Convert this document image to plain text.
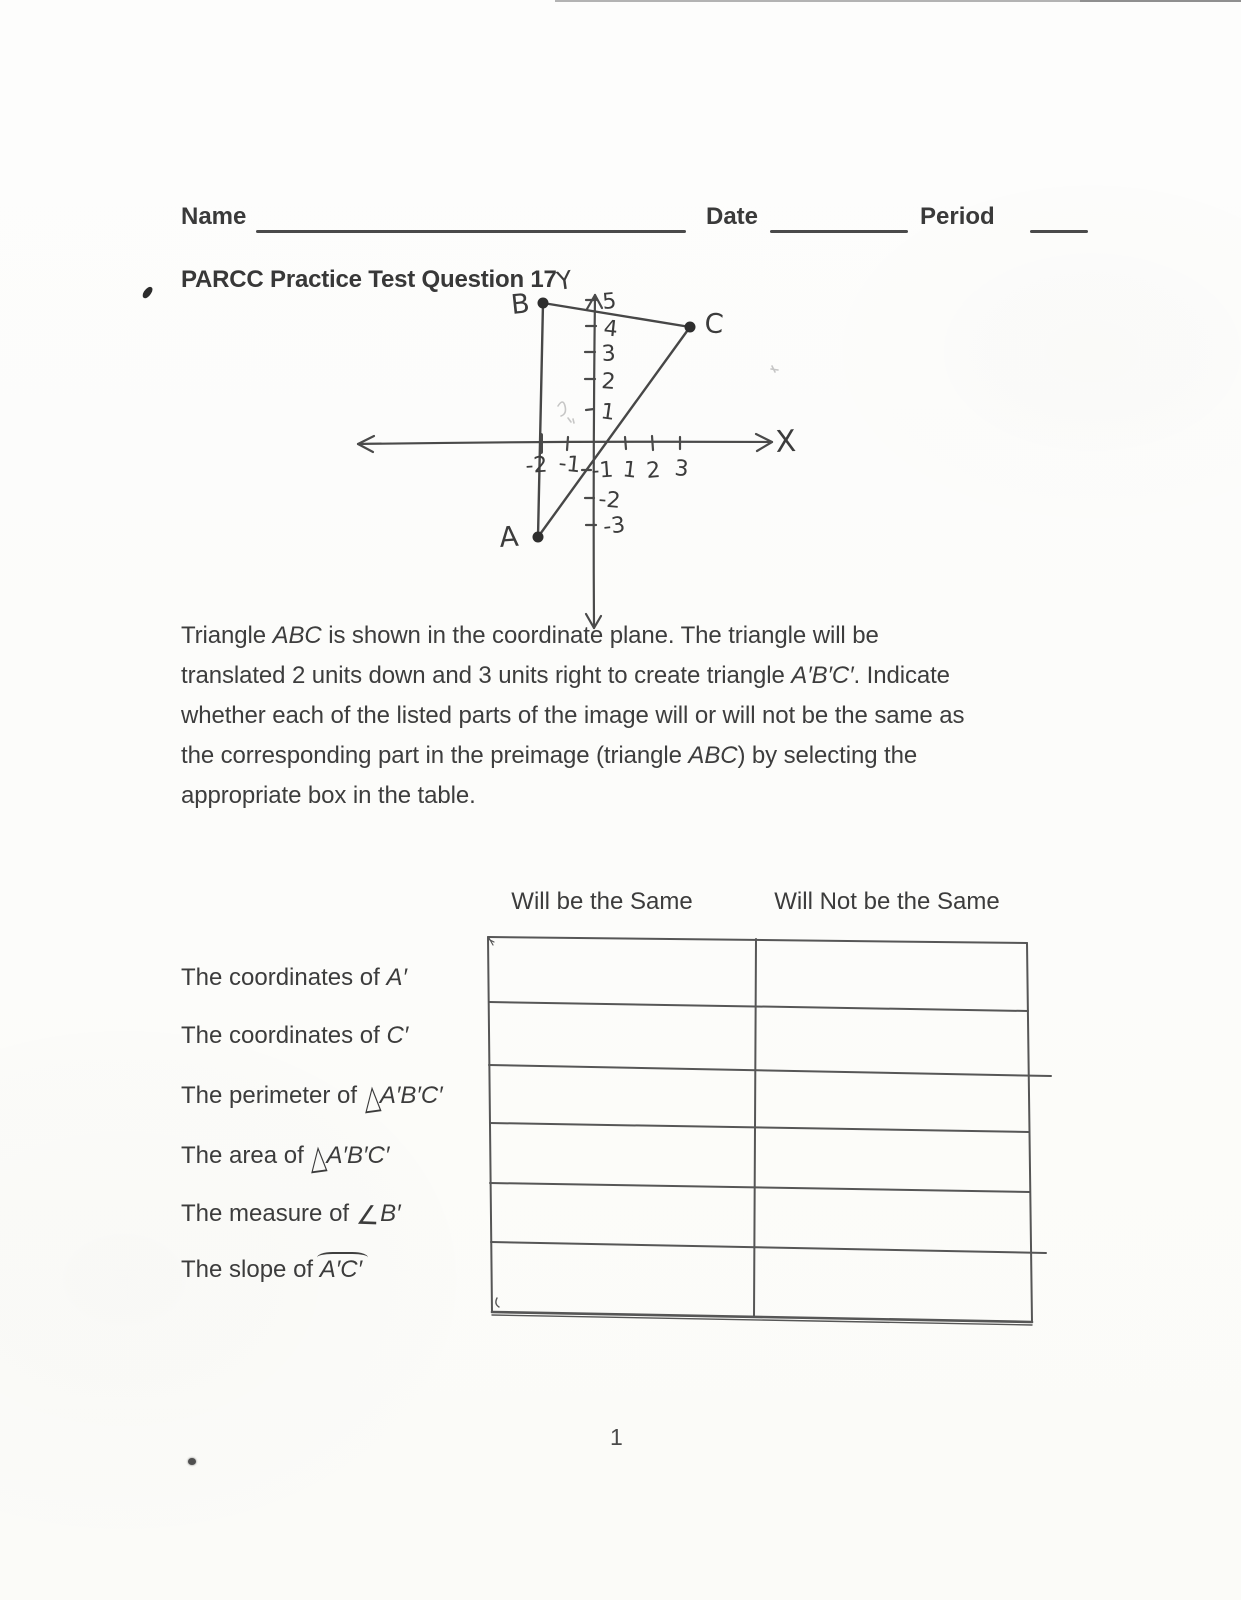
Name	Date	Period
PARCC Practice Test Question 17
A
B
C
Y
X
5
4
3
2
1
-1
-2
-3
-2 -1 1 2 3
Triangle ABC is shown in the coordinate plane. The triangle will be
translated 2 units down and 3 units right to create triangle A′B′C′. Indicate
whether each of the listed parts of the image will or will not be the same as
the corresponding part in the preimage (triangle ABC) by selecting the
appropriate box in the table.
Will be the Same	Will Not be the Same
The coordinates of A′
The coordinates of C′
The perimeter of △A′B′C′
The area of △A′B′C′
The measure of ∠B′
The slope of A′C′
1
